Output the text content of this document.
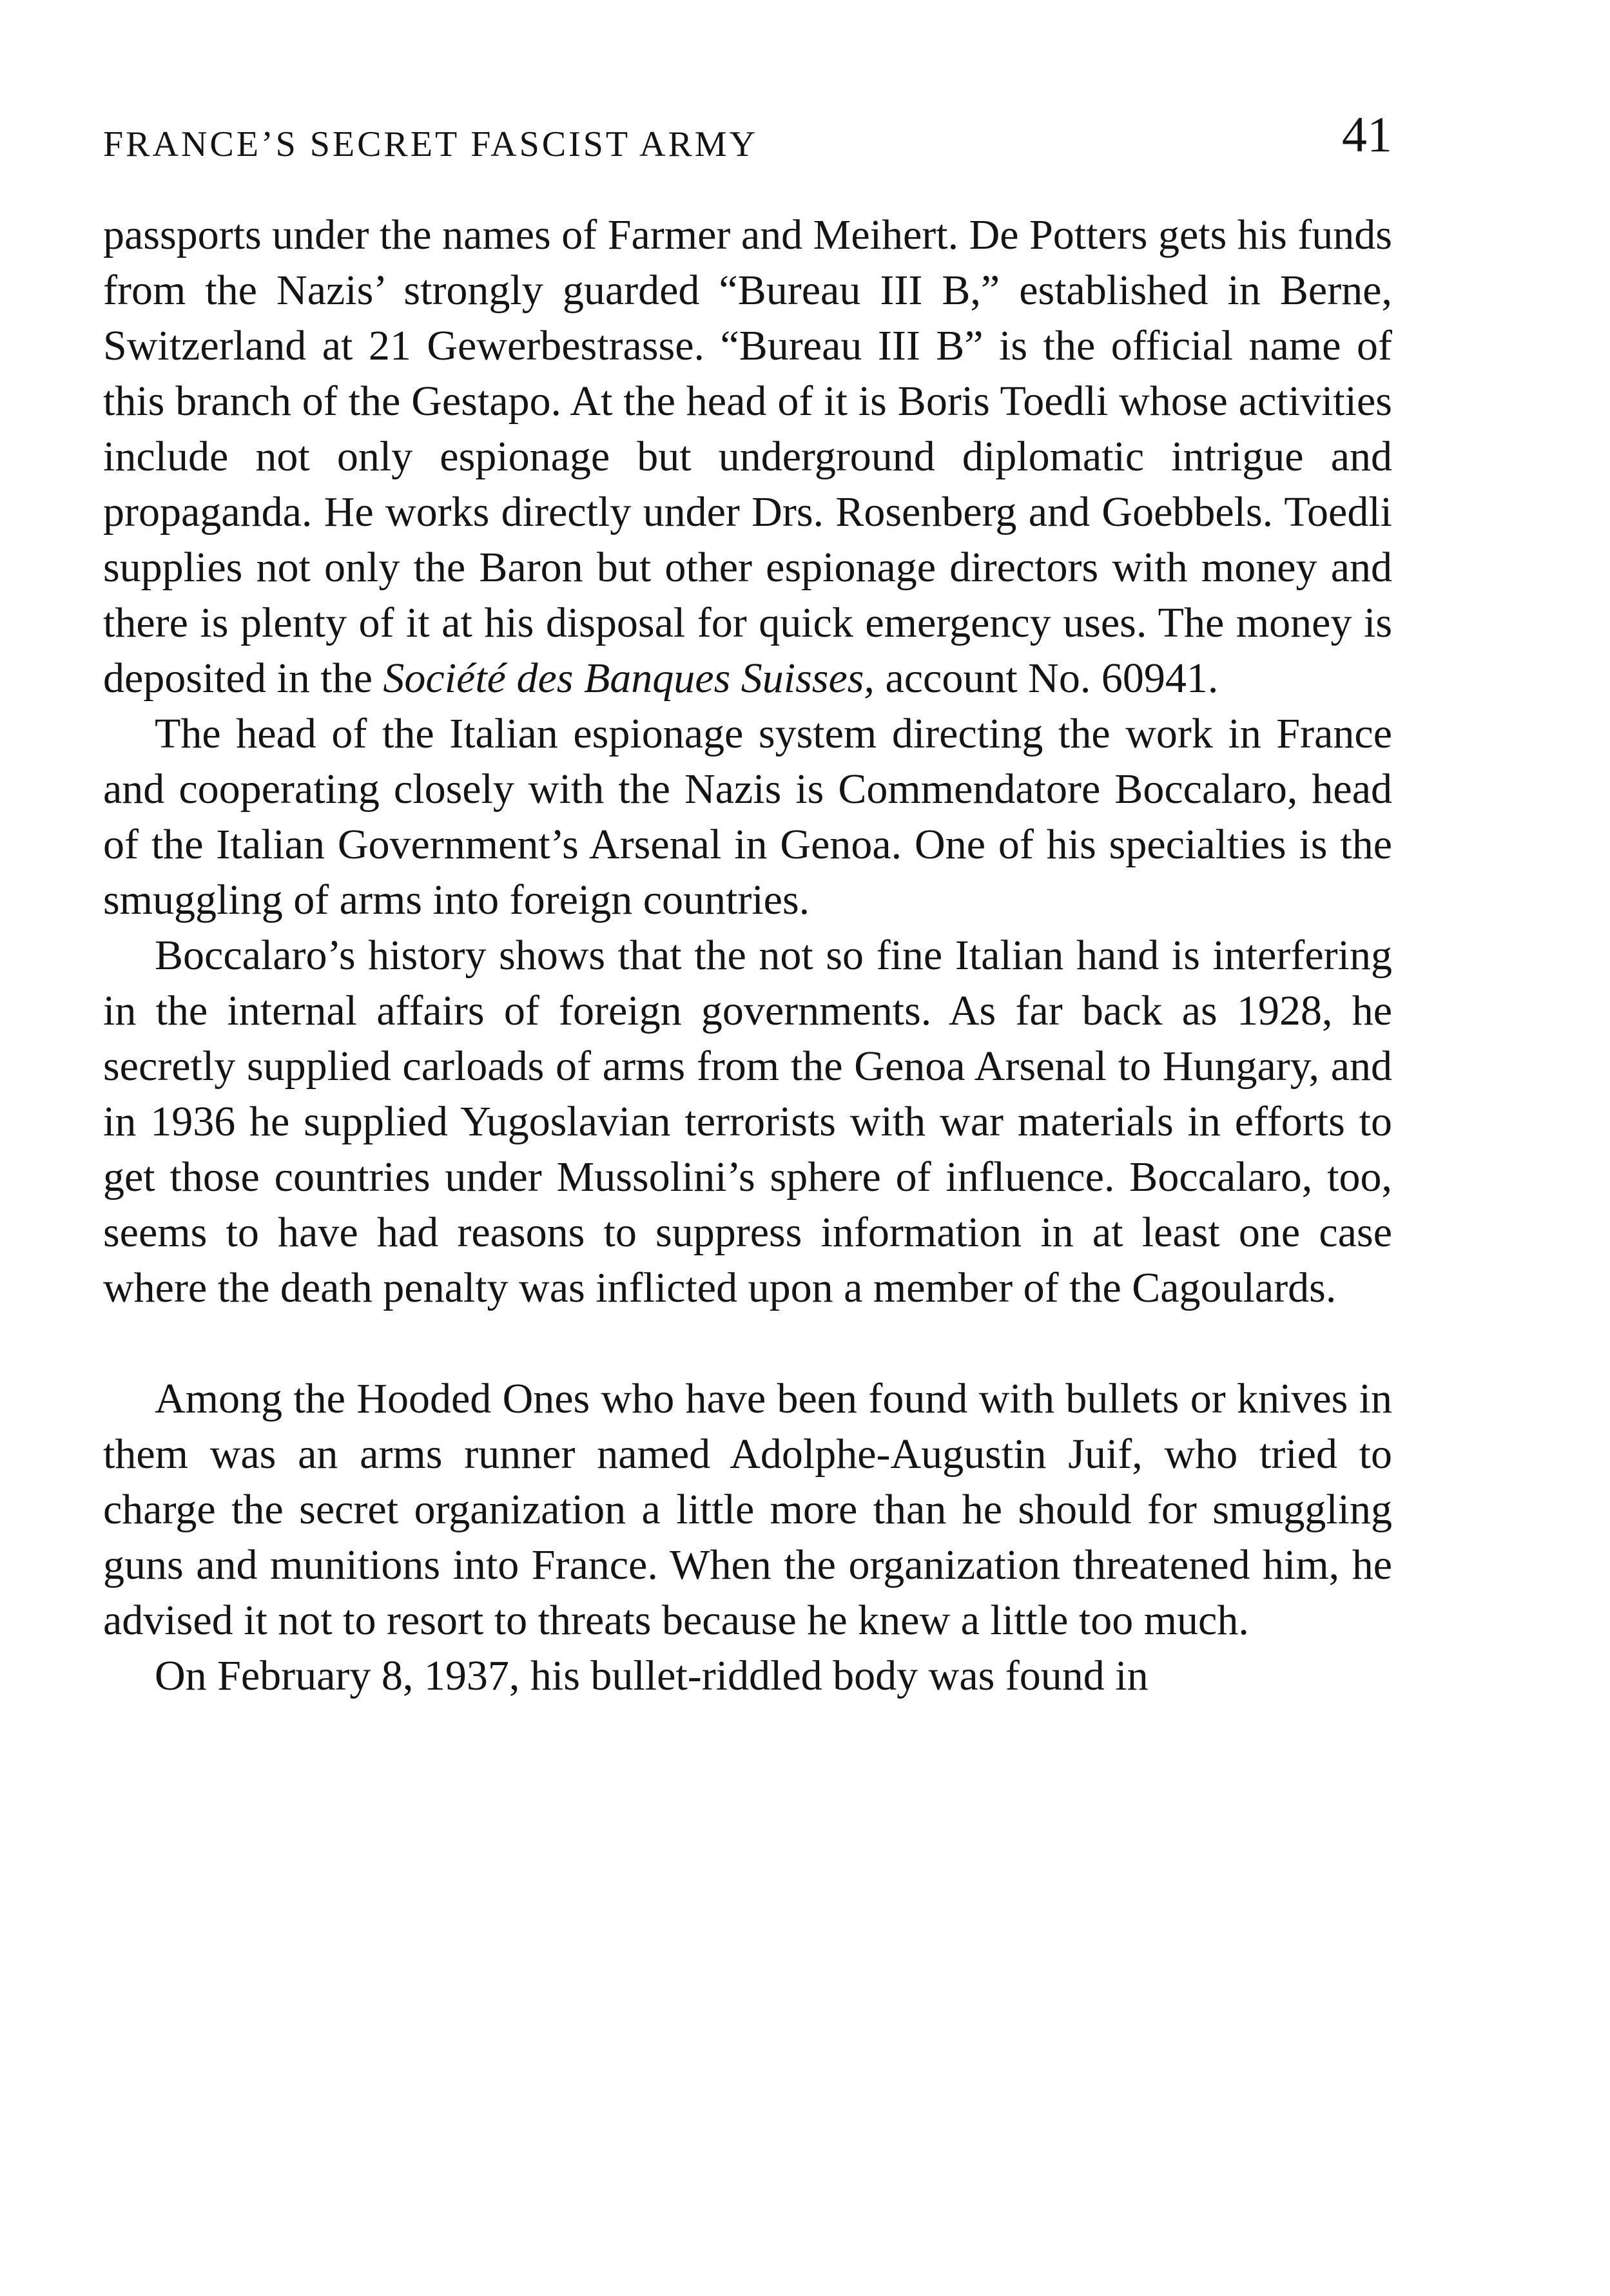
FRANCE’S SECRET FASCIST ARMY	41

passports under the names of Farmer and Meihert. De Potters gets his funds from the Nazis’ strongly guarded “Bureau III B,” established in Berne, Switzerland at 21 Gewerbestrasse. “Bureau III B” is the official name of this branch of the Gestapo. At the head of it is Boris Toedli whose activities include not only espionage but underground diplomatic intrigue and propaganda. He works directly under Drs. Rosenberg and Goebbels. Toedli supplies not only the Baron but other espionage directors with money and there is plenty of it at his disposal for quick emergency uses. The money is deposited in the Société des Banques Suisses, account No. 60941.

The head of the Italian espionage system directing the work in France and cooperating closely with the Nazis is Commendatore Boccalaro, head of the Italian Government’s Arsenal in Genoa. One of his specialties is the smuggling of arms into foreign countries.

Boccalaro’s history shows that the not so fine Italian hand is interfering in the internal affairs of foreign governments. As far back as 1928, he secretly supplied carloads of arms from the Genoa Arsenal to Hungary, and in 1936 he supplied Yugoslavian terrorists with war materials in efforts to get those countries under Mussolini’s sphere of influence. Boccalaro, too, seems to have had reasons to suppress information in at least one case where the death penalty was inflicted upon a member of the Cagoulards.

Among the Hooded Ones who have been found with bullets or knives in them was an arms runner named Adolphe-Augustin Juif, who tried to charge the secret organization a little more than he should for smuggling guns and munitions into France. When the organization threatened him, he advised it not to resort to threats because he knew a little too much.

On February 8, 1937, his bullet-riddled body was found in
